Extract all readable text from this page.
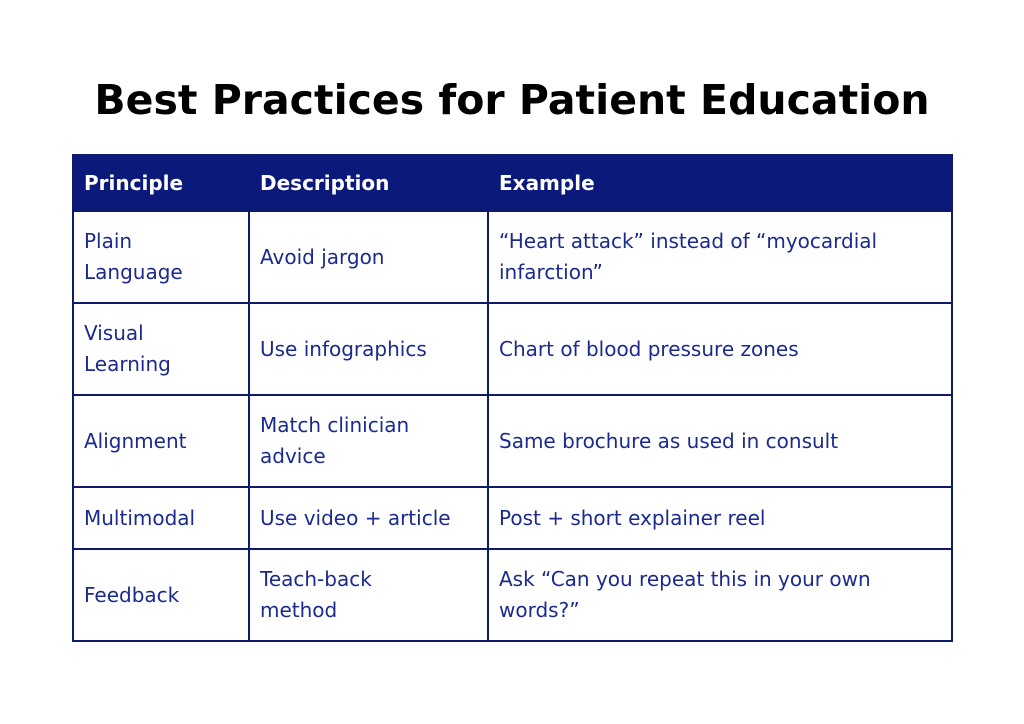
Best Practices for Patient Education
Principle	Description	Example
Plain Language	Avoid jargon	“Heart attack” instead of “myocardial infarction”
Visual Learning	Use infographics	Chart of blood pressure zones
Alignment	Match clinician advice	Same brochure as used in consult
Multimodal	Use video + article	Post + short explainer reel
Feedback	Teach-back method	Ask “Can you repeat this in your own words?”
